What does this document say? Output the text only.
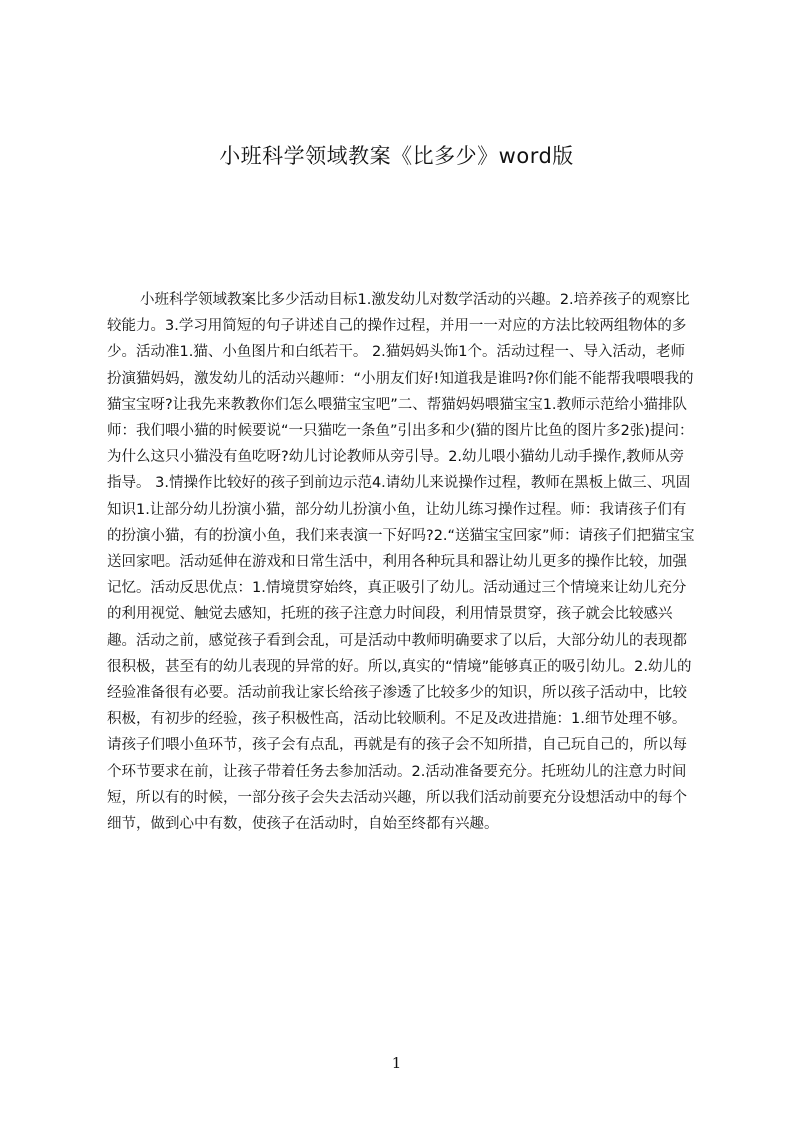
小班科学领域教案《比多少》word版

小班科学领域教案比多少活动目标1.激发幼儿对数学活动的兴趣。2.培养孩子的观察比较能力。3.学习用简短的句子讲述自己的操作过程，并用一一对应的方法比较两组物体的多少。活动准1.猫、小鱼图片和白纸若干。 2.猫妈妈头饰1个。活动过程一、导入活动，老师扮演猫妈妈，激发幼儿的活动兴趣师：“小朋友们好!知道我是谁吗?你们能不能帮我喂喂我的猫宝宝呀?让我先来教教你们怎么喂猫宝宝吧”二、帮猫妈妈喂猫宝宝1.教师示范给小猫排队师：我们喂小猫的时候要说“一只猫吃一条鱼”引出多和少(猫的图片比鱼的图片多2张)提问：为什么这只小猫没有鱼吃呀?幼儿讨论教师从旁引导。2.幼儿喂小猫幼儿动手操作,教师从旁指导。 3.情操作比较好的孩子到前边示范4.请幼儿来说操作过程，教师在黑板上做三、巩固知识1.让部分幼儿扮演小猫，部分幼儿扮演小鱼，让幼儿练习操作过程。师：我请孩子们有的扮演小猫，有的扮演小鱼，我们来表演一下好吗?2.“送猫宝宝回家”师：请孩子们把猫宝宝送回家吧。活动延伸在游戏和日常生活中，利用各种玩具和器让幼儿更多的操作比较，加强记忆。活动反思优点：1.情境贯穿始终，真正吸引了幼儿。活动通过三个情境来让幼儿充分的利用视觉、触觉去感知，托班的孩子注意力时间段，利用情景贯穿，孩子就会比较感兴趣。活动之前，感觉孩子看到会乱，可是活动中教师明确要求了以后，大部分幼儿的表现都很积极，甚至有的幼儿表现的异常的好。所以,真实的“情境”能够真正的吸引幼儿。2.幼儿的经验准备很有必要。活动前我让家长给孩子渗透了比较多少的知识，所以孩子活动中，比较积极，有初步的经验，孩子积极性高，活动比较顺利。不足及改进措施：1.细节处理不够。请孩子们喂小鱼环节，孩子会有点乱，再就是有的孩子会不知所措，自己玩自己的，所以每个环节要求在前，让孩子带着任务去参加活动。2.活动准备要充分。托班幼儿的注意力时间短，所以有的时候，一部分孩子会失去活动兴趣，所以我们活动前要充分设想活动中的每个细节，做到心中有数，使孩子在活动时，自始至终都有兴趣。

1
